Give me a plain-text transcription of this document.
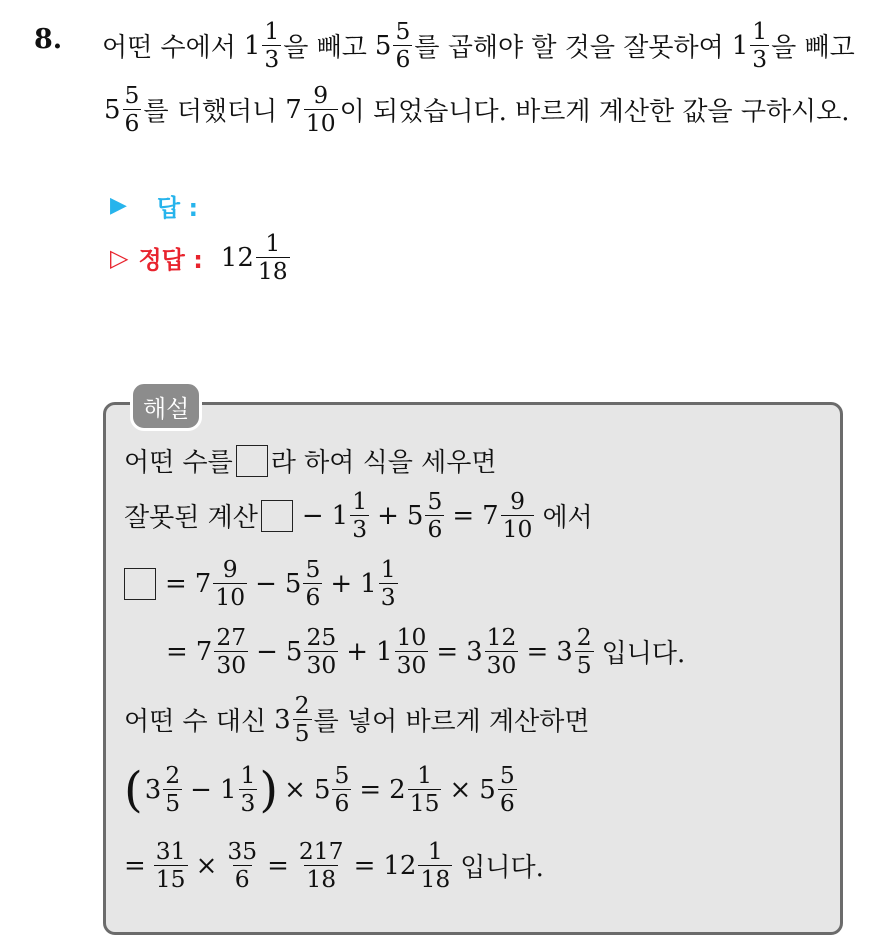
8. 어떤 수에서 $1 \frac{1}{3}$ 을 빼고 $5 \frac{5}{6}$ 를 곱해야 할 것을 잘못하여 $1 \frac{1}{3}$ 을 빼고
$5 \frac{5}{6}$ 를 더했더니 $7 \frac{9}{10}$ 이 되었습니다. 바르게 계산한 값을 구하시오.
▶ 답 :
▷ 정답 : $12 \frac{1}{18}$
해설
어떤 수를 라 하여 식을 세우면
잘못된 계산 − $1 \frac{1}{3} + 5 \frac{5}{6} = 7 \frac{9}{10}$ 에서
= $7 \frac{9}{10} - 5 \frac{5}{6} + 1 \frac{1}{3}$
= $7 \frac{27}{30} - 5 \frac{25}{30} + 1 \frac{10}{30} = 3 \frac{12}{30} = 3 \frac{2}{5}$ 입니다.
어떤 수 대신 $3 \frac{2}{5}$ 를 넣어 바르게 계산하면
( $3 \frac{2}{5} - 1 \frac{1}{3}$ ) × $5 \frac{5}{6} = 2 \frac{1}{15} \times 5 \frac{5}{6}$
= $\frac{31}{15} \times \frac{35}{6} = \frac{217}{18} = 12 \frac{1}{18}$ 입니다.
